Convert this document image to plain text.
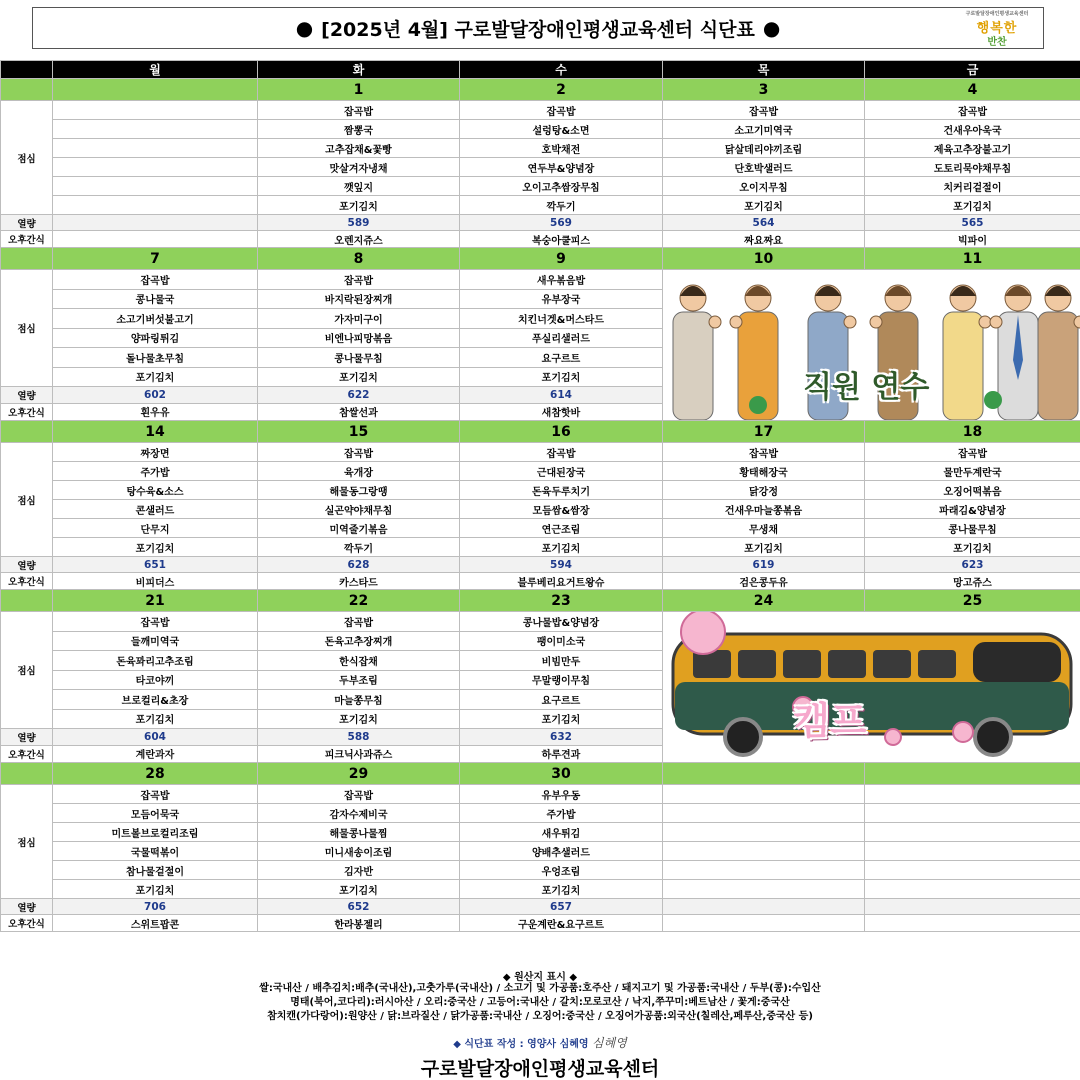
● [2025년 4월] 구로발달장애인평생교육센터 식단표 ●
구로발달장애인평생교육센터
행복한
반찬
	월	화	수	목	금
		1	2	3	4
점심		잡곡밥	잡곡밥	잡곡밥	잡곡밥
		짬뽕국	설렁탕&소면	소고기미역국	건새우아욱국
		고추잡채&꽃빵	호박채전	닭살데리야끼조림	제육고추장불고기
		맛살겨자냉채	연두부&양념장	단호박샐러드	도토리묵야채무침
		깻잎지	오이고추쌈장무침	오이지무침	치커리겉절이
		포기김치	깍두기	포기김치	포기김치
열량		589	569	564	565
오후간식		오렌지쥬스	복숭아쿨피스	짜요짜요	빅파이
	7	8	9	10	11
점심	잡곡밥	잡곡밥	새우볶음밥	직원 연수	

	콩나물국	바지락된장찌개	유부장국		
	소고기버섯불고기	가자미구이	치킨너겟&머스타드		
	양파링튀김	비엔나피망볶음	푸실리샐러드		
	돌나물초무침	콩나물무침	요구르트		
	포기김치	포기김치	포기김치		
열량	602	622	614		
오후간식	흰우유	참쌀선과	새참핫바		
	14	15	16	17	18
점심	짜장면	잡곡밥	잡곡밥	잡곡밥	잡곡밥
	주가밥	육개장	근대된장국	황태해장국	물만두계란국
	탕수육&소스	해물동그랑땡	돈육두루치기	닭강정	오징어떡볶음
	콘샐러드	실곤약야채무침	모듬쌈&쌈장	건새우마늘쫑볶음	파래김&양념장
	단무지	미역줄기볶음	연근조림	무생채	콩나물무침
	포기김치	깍두기	포기김치	포기김치	포기김치
열량	651	628	594	619	623
오후간식	비피더스	카스타드	블루베리요거트왕슈	검은콩두유	망고쥬스
	21	22	23	24	25
점심	잡곡밥	잡곡밥	콩나물밥&양념장	캠프	

	들깨미역국	돈육고추장찌개	팽이미소국		
	돈육꽈리고추조림	한식잡채	비빔만두		
	타코야끼	두부조림	무말랭이무침		
	브로컬리&초장	마늘쫑무침	요구르트		
	포기김치	포기김치	포기김치		
열량	604	588	632		
오후간식	계란과자	피크닉사과쥬스	하루견과		
	28	29	30		
점심	잡곡밥	잡곡밥	유부우동		
	모듬어묵국	감자수제비국	주가밥		
	미트볼브로컬리조림	해물콩나물찜	새우튀김		
	국물떡볶이	미니새송이조림	양배추샐러드		
	참나물겉절이	김자반	우엉조림		
	포기김치	포기김치	포기김치		
열량	706	652	657		
오후간식	스위트팝콘	한라봉젤리	구운계란&요구르트		
◆ 원산지 표시 ◆
쌀:국내산 / 배추김치:배추(국내산),고춧가루(국내산) / 소고기 및 가공품:호주산 / 돼지고기 및 가공품:국내산 / 두부(콩):수입산
명태(북어,코다리):러시아산 / 오리:중국산 / 고등어:국내산 / 갈치:모로코산 / 낙지,쭈꾸미:베트남산 / 꽃게:중국산
참치캔(가다랑어):원양산 / 닭:브라질산 / 닭가공품:국내산 / 오징어:중국산 / 오징어가공품:외국산(칠레산,페루산,중국산 등)
◆ 식단표 작성 : 영양사 심혜영 심혜영
구로발달장애인평생교육센터
